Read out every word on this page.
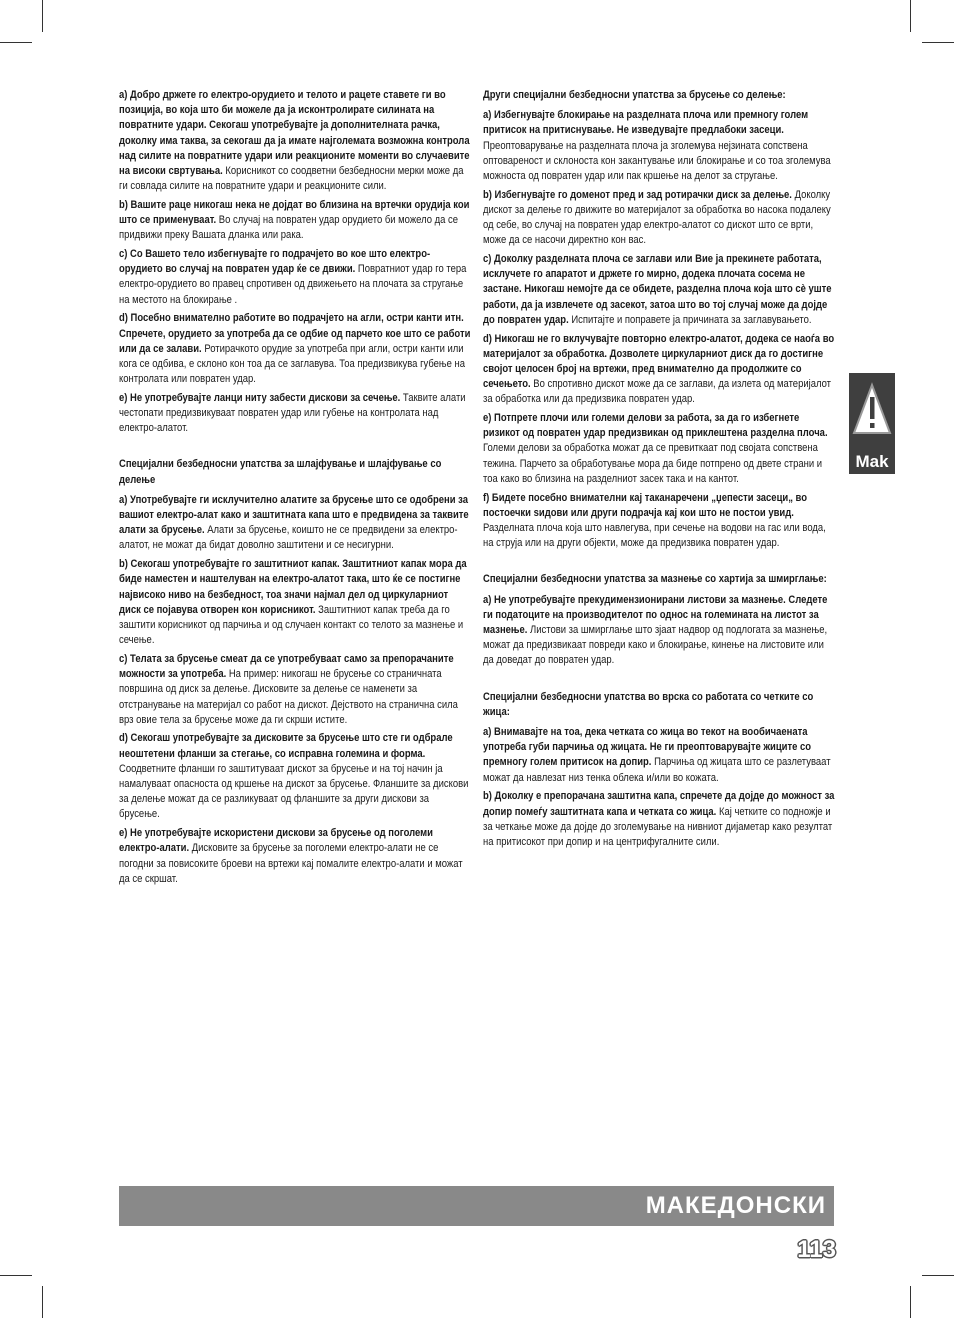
a) Добро држете го електро-орудието и телото и рацете ставете ги во позиција, во која што би можеле да ја исконтролирате силината на повратните удари. Секогаш употребувајте ја дополнителната рачка, доколку има таква, за секогаш да ја имате најголемата возможна контрола над силите на повратните удари или реакционите моменти во случаевите на високи свртувања. Корисникот со соодветни безбедносни мерки може да ги совлада силите на повратните удари и реакционите сили.

b) Вашите раце никогаш нека не дојдат во близина на вртечки орудија кои што се применуваат. Во случај на повратен удар орудието би можело да се придвижи преку Вашата дланка или рака.

c) Со Вашето тело избегнувајте го подрачјето во кое што електро-орудието во случај на повратен удар ќе се движи. Повратниот удар го тера електро-орудието во правец спротивен од движењето на плочата за стругање на местото на блокирање .

d) Посебно внимателно работите во подрачјето на агли, остри канти итн. Спречете, орудието за употреба да се одбие од парчето кое што се работи или да се залави. Ротирачкото орудие за употреба при агли, остри канти или кога се одбива, е склоно кон тоа да се заглавува. Тоа предизвикува губење на контролата или повратен удар.

e) Не употребувајте ланци ниту забести дискови за сечење. Таквите алати честопати предизвикуваат повратен удар или губење на контролата над електро-алатот.

Специјални безбедносни упатства за шлајфување и шлајфување со делење

a) Употребувајте ги исклучително алатите за брусење што се одобрени за вашиот електро-алат како и заштитната капа што е предвидена за таквите алати за брусење. Алати за брусење, коишто не се предвидени за електро-алатот, не можат да бидат доволно заштитени и се несигурни.

b) Секогаш употребувајте го заштитниот капак. Заштитниот капак мора да биде наместен и наштелуван на електро-алатот така, што ќе се постигне највисоко ниво на безбедност, тоа значи најмал дел од циркуларниот диск се појавува отворен кон корисникот. Заштитниот капак треба да го заштити корисникот од парчиња и од случаен контакт со телото за мазнење и сечење.

c) Телата за брусење смеат да се употребуваат само за препорачаните можности за употреба. На пример: никогаш не брусење со страничната површина од диск за делење. Дисковите за делење се наменети за отстранување на материјал со работ на дискот. Дејството на странична сила врз овие тела за брусење може да ги скрши истите.

d) Секогаш употребувајте за дисковите за брусење што сте ги одбрале неоштетени фланши за стегање, со исправна големина и форма. Соодветните фланши го заштитуваат дискот за брусење и на тој начин ја намалуваат опасноста од кршење на дискот за брусење. Фланшите за дискови за делење можат да се разликуваат од фланшите за други дискови за брусење.

e) Не употребувајте искористени дискови за брусење од поголеми електро-алати. Дисковите за брусење за поголеми електро-алати не се погодни за повисоките броеви на вртежи кај помалите електро-алати и можат да се скршат.

Други специјални безбедносни упатства за брусење со делење:

a) Избегнувајте блокирање на разделната плоча или премногу голем притисок на притиснување. Не изведувајте предлабоки засеци. Преоптоварување на разделната плоча ја зголемува нејзината сопствена оптовареност и склоноста кон закантување или блокирање и со тоа зголемува можноста од повратен удар или пак кршење на делот за стругање.

b) Избегнувајте го доменот пред и зад ротирачки диск за делење. Доколку дискот за делење го движите во материјалот за обработка во насока подалеку од себе, во случај на повратен удар електро-алатот со дискот што се врти, може да се насочи директно кон вас.

c) Доколку разделната плоча се заглави или Вие ја прекинете работата, исклучете го апаратот и држете го мирно, додека плочата сосема не застане. Никогаш немојте да се обидете, разделна плоча која што сè уште работи, да ја извлечете од засекот, затоа што во тој случај може да дојде до повратен удар. Испитајте и поправете ја причината за заглавувањето.

d) Никогаш не го вклучувајте повторно електро-алатот, додека се наоѓа во материјалот за обработка. Дозволете циркуларниот диск да го достигне својот целосен број на вртежи, пред внимателно да продолжите со сечењето. Во спротивно дискот може да се заглави, да излета од материјалот за обработка или да предизвика повратен удар.

e) Потпрете плочи или големи делови за работа, за да го избегнете ризикот од повратен удар предизвикан од приклештена разделна плоча. Големи делови за обработка можат да се превиткаат под својата сопствена тежина. Парчето за обработување мора да биде потпрено од двете страни и тоа како во близина на разделниот засек така и на кантот.

f) Бидете посебно внимателни кај таканаречени „џепести засеци„ во постоечки ѕидови или други подрачја кај кои што не постои увид. Разделната плоча која што навлегува, при сечење на водови на гас или вода, на струја или на други објекти, може да предизвика повратен удар.

Специјални безбедносни упатства за мазнење со хартија за шмирглање:

a) Не употребувајте прекудимензионирани листови за мазнење. Следете ги податоците на производителот по однос на големината на листот за мазнење. Листови за шмирглање што зјаат надвор од подлогата за мазнење, можат да предизвикаат повреди како и блокирање, кинење на листовите или да доведат до повратен удар.

Специјални безбедносни упатства во врска со работата со четките со жица:

a) Внимавајте на тоа, дека четката со жица во текот на вообичаената употреба губи парчиња од жицата. Не ги преоптоварувајте жиците со премногу голем притисок на допир. Парчиња од жицата што се разлетуваат можат да навлезат низ тенка облека и/или во кожата.

b) Доколку е препорачана заштитна капа, спречете да дојде до можност за допир помеѓу заштитната капа и четката со жица. Кај четките со подножје и за четкање може да дојде до зголемување на нивниот дијаметар како резултат на притисокот при допир и на центрифугалните сили.

Mak
МАКЕДОНСКИ
113
